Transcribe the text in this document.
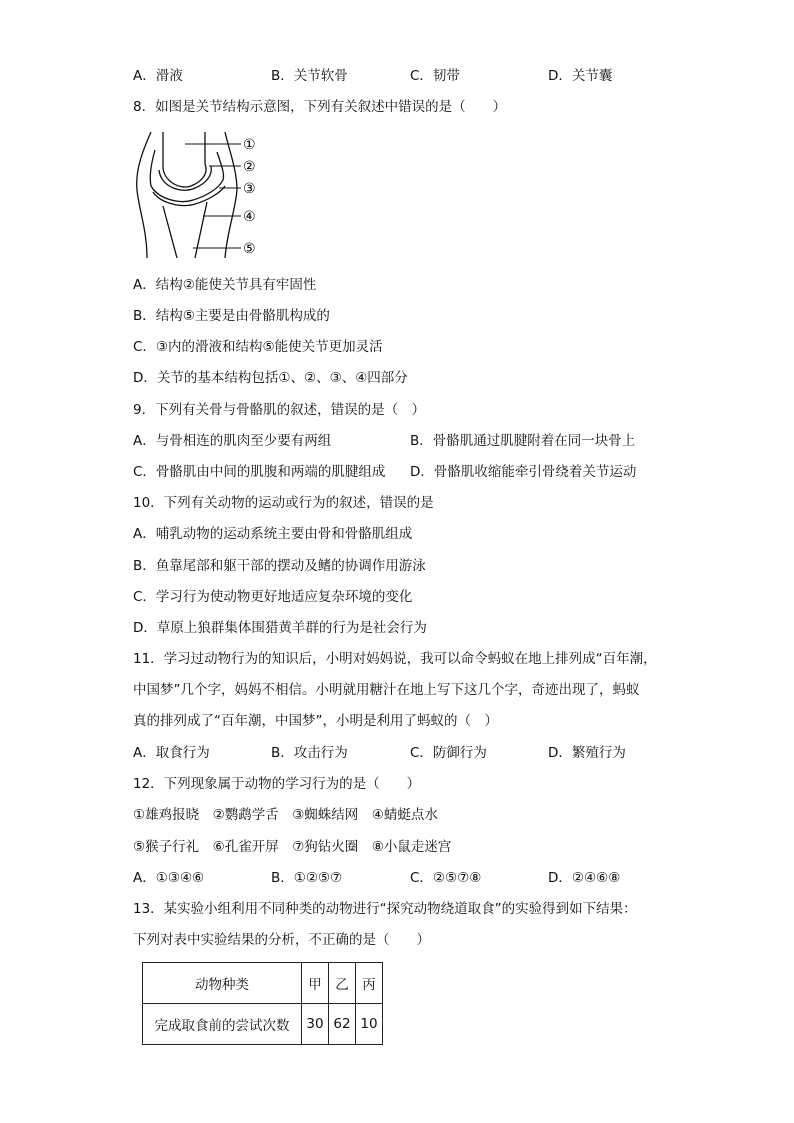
A．滑液	B．关节软骨	C．韧带	D．关节囊
8．如图是关节结构示意图，下列有关叙述中错误的是（　　）
①
②
③
④
⑤
A．结构②能使关节具有牢固性
B．结构⑤主要是由骨骼肌构成的
C．③内的滑液和结构⑤能使关节更加灵活
D．关节的基本结构包括①、②、③、④四部分
9．下列有关骨与骨骼肌的叙述，错误的是（　）
A．与骨相连的肌肉至少要有两组	B．骨骼肌通过肌腱附着在同一块骨上
C．骨骼肌由中间的肌腹和两端的肌腱组成 D．骨骼肌收缩能牵引骨绕着关节运动
10．下列有关动物的运动或行为的叙述，错误的是
A．哺乳动物的运动系统主要由骨和骨骼肌组成
B．鱼靠尾部和躯干部的摆动及鳍的协调作用游泳
C．学习行为使动物更好地适应复杂环境的变化
D．草原上狼群集体围猎黄羊群的行为是社会行为
11．学习过动物行为的知识后，小明对妈妈说，我可以命令蚂蚁在地上排列成“百年潮，
中国梦”几个字，妈妈不相信。小明就用糖汁在地上写下这几个字，奇迹出现了，蚂蚁
真的排列成了“百年潮，中国梦”，小明是利用了蚂蚁的（　）
A．取食行为	B．攻击行为	C．防御行为	D．繁殖行为
12．下列现象属于动物的学习行为的是（　　）
①雄鸡报晓　②鹦鹉学舌　③蜘蛛结网　④蜻蜓点水
⑤猴子行礼　⑥孔雀开屏　⑦狗钻火圈　⑧小鼠走迷宫
A．①③④⑥	B．①②⑤⑦	C．②⑤⑦⑧	D．②④⑥⑧
13．某实验小组利用不同种类的动物进行“探究动物绕道取食”的实验得到如下结果：
下列对表中实验结果的分析，不正确的是（　　）
动物种类	甲	乙	丙
完成取食前的尝试次数	30	62	10
